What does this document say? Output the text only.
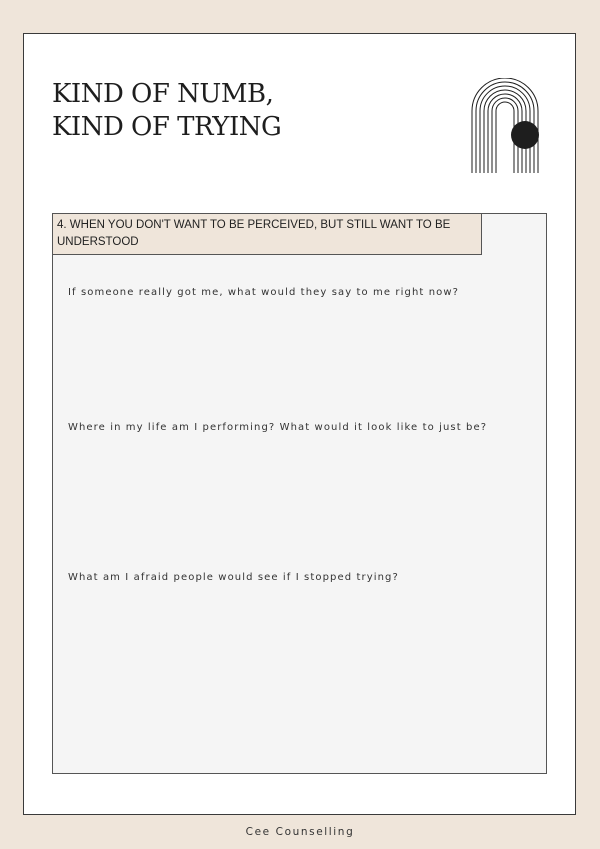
KIND OF NUMB,
KIND OF TRYING
4. WHEN YOU DON'T WANT TO BE PERCEIVED, BUT STILL WANT TO BE UNDERSTOOD

If someone really got me, what would they say to me right now?

Where in my life am I performing? What would it look like to just be?

What am I afraid people would see if I stopped trying?

Cee Counselling
